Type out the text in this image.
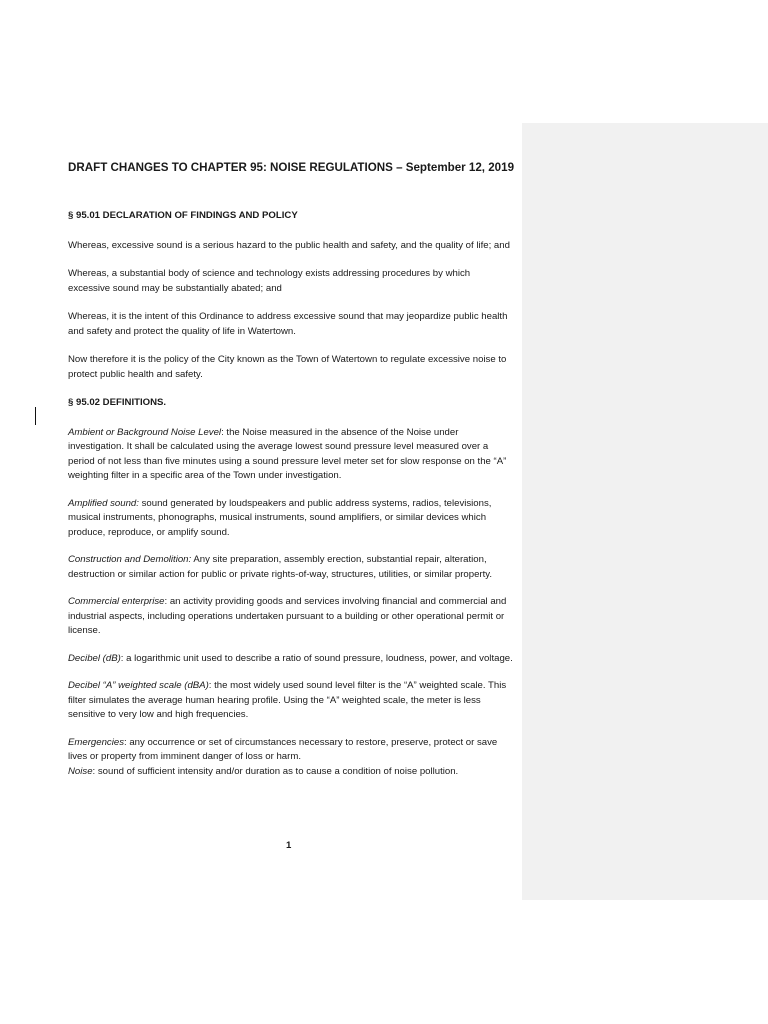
DRAFT CHANGES TO CHAPTER 95: NOISE REGULATIONS – September 12, 2019
§ 95.01 DECLARATION OF FINDINGS AND POLICY

Whereas, excessive sound is a serious hazard to the public health and safety, and the quality of life; and

Whereas, a substantial body of science and technology exists addressing procedures by which excessive sound may be substantially abated; and

Whereas, it is the intent of this Ordinance to address excessive sound that may jeopardize public health and safety and protect the quality of life in Watertown.

Now therefore it is the policy of the City known as the Town of Watertown to regulate excessive noise to protect public health and safety.

§ 95.02 DEFINITIONS.

Ambient or Background Noise Level: the Noise measured in the absence of the Noise under investigation. It shall be calculated using the average lowest sound pressure level measured over a period of not less than five minutes using a sound pressure level meter set for slow response on the “A” weighting filter in a specific area of the Town under investigation.

Amplified sound: sound generated by loudspeakers and public address systems, radios, televisions, musical instruments, phonographs, musical instruments, sound amplifiers, or similar devices which produce, reproduce, or amplify sound.

Construction and Demolition: Any site preparation, assembly erection, substantial repair, alteration, destruction or similar action for public or private rights-of-way, structures, utilities, or similar property.

Commercial enterprise: an activity providing goods and services involving financial and commercial and industrial aspects, including operations undertaken pursuant to a building or other operational permit or license.

Decibel (dB): a logarithmic unit used to describe a ratio of sound pressure, loudness, power, and voltage.

Decibel “A” weighted scale (dBA): the most widely used sound level filter is the “A” weighted scale. This filter simulates the average human hearing profile. Using the “A” weighted scale, the meter is less sensitive to very low and high frequencies.

Emergencies: any occurrence or set of circumstances necessary to restore, preserve, protect or save lives or property from imminent danger of loss or harm.

Noise: sound of sufficient intensity and/or duration as to cause a condition of noise pollution.

1
